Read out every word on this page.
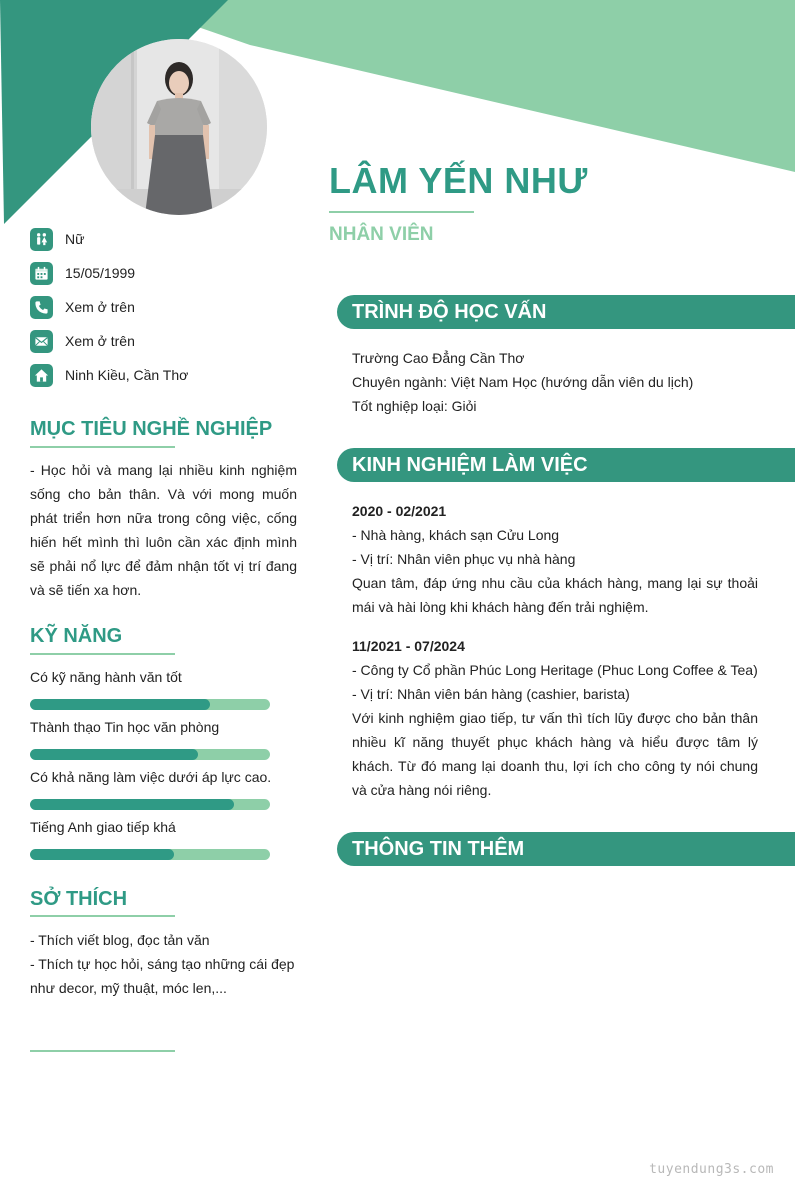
LÂM YẾN NHƯ
NHÂN VIÊN
Nữ
15/05/1999
Xem ở trên
Xem ở trên
Ninh Kiều, Cần Thơ
MỤC TIÊU NGHỀ NGHIỆP
- Học hỏi và mang lại nhiều kinh nghiệm sống cho bản thân. Và với mong muốn phát triển hơn nữa trong công việc, cống hiến hết mình thì luôn cần xác định mình sẽ phải nổ lực để đảm nhận tốt vị trí đang và sẽ tiến xa hơn.
KỸ NĂNG
Có kỹ năng hành văn tốt
Thành thạo Tin học văn phòng
Có khả năng làm việc dưới áp lực cao.
Tiếng Anh giao tiếp khá
SỞ THÍCH
- Thích viết blog, đọc tản văn
- Thích tự học hỏi, sáng tạo những cái đẹp như decor, mỹ thuật, móc len,...
TRÌNH ĐỘ HỌC VẤN
Trường Cao Đẳng Cần Thơ
Chuyên ngành: Việt Nam Học (hướng dẫn viên du lịch)
Tốt nghiệp loại: Giỏi
KINH NGHIỆM LÀM VIỆC
2020 - 02/2021
- Nhà hàng, khách sạn Cửu Long
- Vị trí: Nhân viên phục vụ nhà hàng
Quan tâm, đáp ứng nhu cầu của khách hàng, mang lại sự thoải mái và hài lòng khi khách hàng đến trải nghiệm.
11/2021 - 07/2024
- Công ty Cổ phần Phúc Long Heritage (Phuc Long Coffee & Tea)
- Vị trí: Nhân viên bán hàng (cashier, barista)
Với kinh nghiệm giao tiếp, tư vấn thì tích lũy được cho bản thân nhiều kĩ năng thuyết phục khách hàng và hiểu được tâm lý khách. Từ đó mang lại doanh thu, lợi ích cho công ty nói chung và cửa hàng nói riêng.
THÔNG TIN THÊM
tuyendung3s.com
